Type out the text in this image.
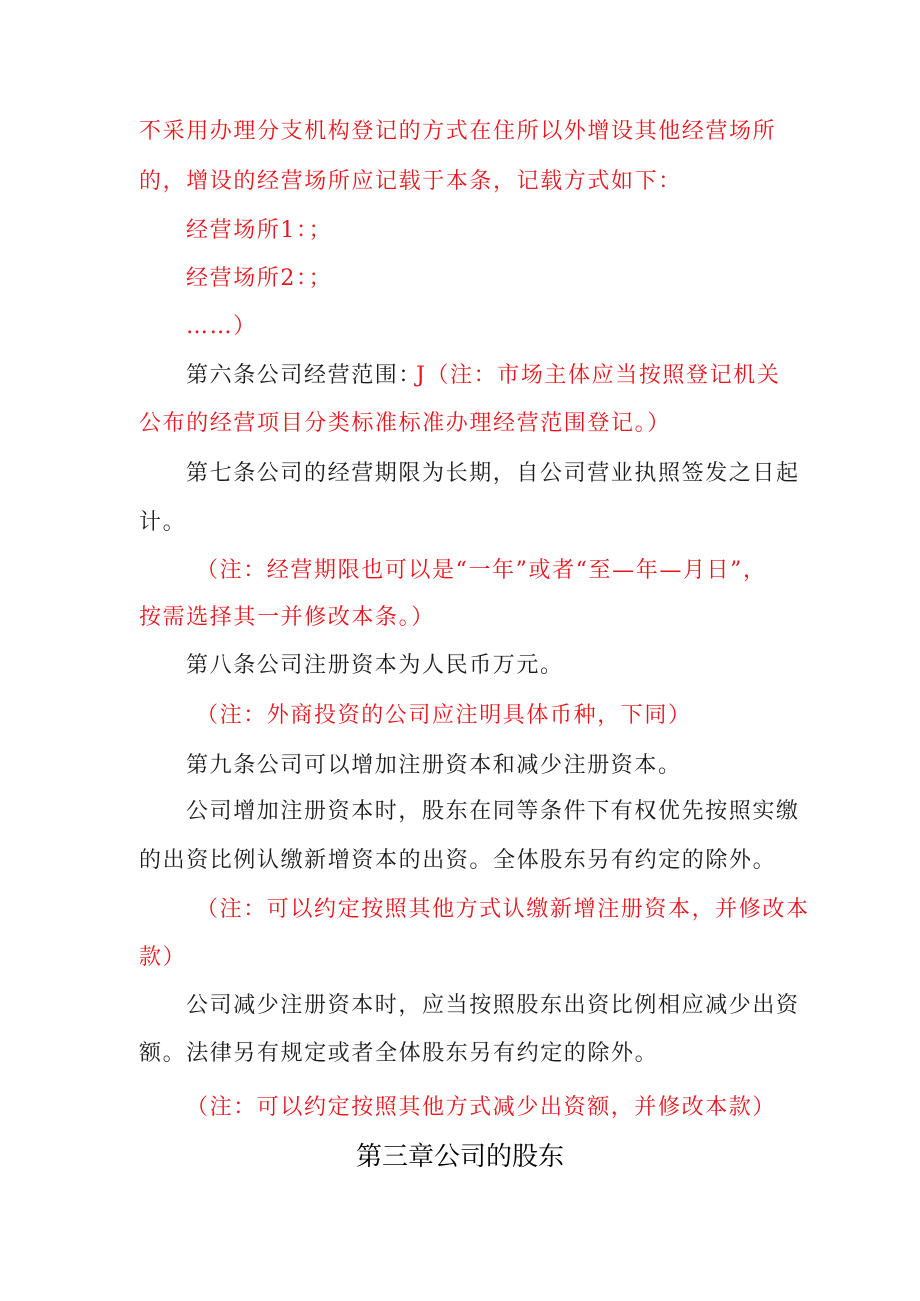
不采用办理分支机构登记的方式在住所以外增设其他经营场所
的，增设的经营场所应记载于本条，记载方式如下：
经营场所1：；
经营场所2：；
……）
第六条公司经营范围：
J（注：市场主体应当按照登记机关
公布的经营项目分类标准标准办理经营范围登记。）
第七条公司的经营期限为长期，自公司营业执照签发之日起
计。
（注：经营期限也可以是“一年”或者“至—年—月日”，
按需选择其一并修改本条。）
第八条公司注册资本为人民币万元。
（注：外商投资的公司应注明具体币种，下同）
第九条公司可以增加注册资本和减少注册资本。
公司增加注册资本时，股东在同等条件下有权优先按照实缴
的出资比例认缴新增资本的出资。全体股东另有约定的除外。
（注：可以约定按照其他方式认缴新增注册资本，并修改本
款）
公司减少注册资本时，应当按照股东出资比例相应减少出资
额。法律另有规定或者全体股东另有约定的除外。
（注：可以约定按照其他方式减少出资额，并修改本款）
第三章公司的股东
